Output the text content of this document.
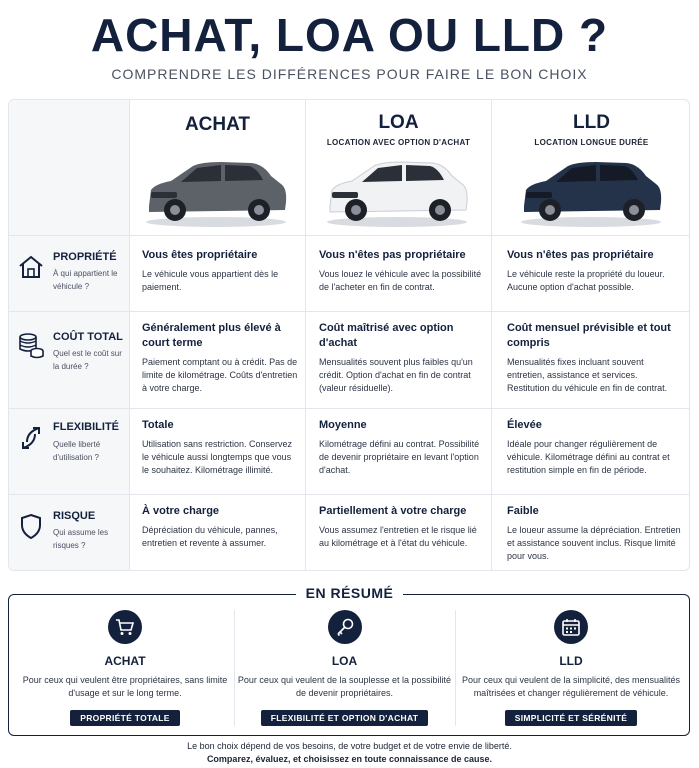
ACHAT, LOA OU LLD ?
COMPRENDRE LES DIFFÉRENCES POUR FAIRE LE BON CHOIX
ACHAT	LOA
LOCATION AVEC OPTION D'ACHAT
LLD
LOCATION LONGUE DURÉE
PROPRIÉTÉ
À qui appartient le véhicule ?
Vous êtes propriétaire
Le véhicule vous appartient dès le paiement.
Vous n'êtes pas propriétaire
Vous louez le véhicule avec la possibilité de l'acheter en fin de contrat.
Vous n'êtes pas propriétaire
Le véhicule reste la propriété du loueur. Aucune option d'achat possible.
COÛT TOTAL
Quel est le coût sur la durée ?
Généralement plus élevé à court terme
Paiement comptant ou à crédit. Pas de limite de kilométrage. Coûts d'entretien à votre charge.
Coût maîtrisé avec option d'achat
Mensualités souvent plus faibles qu'un crédit. Option d'achat en fin de contrat (valeur résiduelle).
Coût mensuel prévisible et tout compris
Mensualités fixes incluant souvent entretien, assistance et services. Restitution du véhicule en fin de contrat.
FLEXIBILITÉ
Quelle liberté d'utilisation ?
Totale
Utilisation sans restriction. Conservez le véhicule aussi longtemps que vous le souhaitez. Kilométrage illimité.
Moyenne
Kilométrage défini au contrat. Possibilité de devenir propriétaire en levant l'option d'achat.
Élevée
Idéale pour changer régulièrement de véhicule. Kilométrage défini au contrat et restitution simple en fin de période.
RISQUE
Qui assume les risques ?
À votre charge
Dépréciation du véhicule, pannes, entretien et revente à assumer.
Partiellement à votre charge
Vous assumez l'entretien et le risque lié au kilométrage et à l'état du véhicule.
Faible
Le loueur assume la dépréciation. Entretien et assistance souvent inclus. Risque limité pour vous.
EN RÉSUMÉ
ACHAT
Pour ceux qui veulent être propriétaires, sans limite d'usage et sur le long terme.
PROPRIÉTÉ TOTALE
LOA
Pour ceux qui veulent de la souplesse et la possibilité de devenir propriétaires.
FLEXIBILITÉ ET OPTION D'ACHAT
LLD
Pour ceux qui veulent de la simplicité, des mensualités maîtrisées et changer régulièrement de véhicule.
SIMPLICITÉ ET SÉRÉNITÉ
Le bon choix dépend de vos besoins, de votre budget et de votre envie de liberté.
Comparez, évaluez, et choisissez en toute connaissance de cause.
